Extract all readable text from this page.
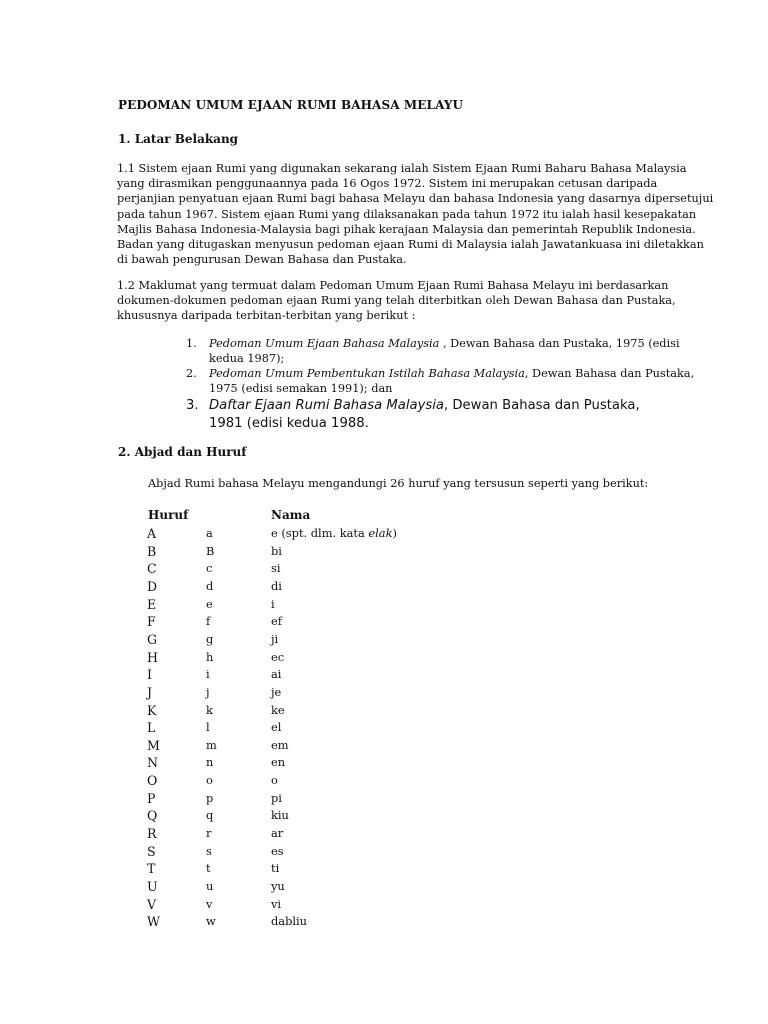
PEDOMAN UMUM EJAAN RUMI BAHASA MELAYU
1. Latar Belakang
1.1 Sistem ejaan Rumi yang digunakan sekarang ialah Sistem Ejaan Rumi Baharu Bahasa Malaysia
yang dirasmikan penggunaannya pada 16 Ogos 1972. Sistem ini merupakan cetusan daripada
perjanjian penyatuan ejaan Rumi bagi bahasa Melayu dan bahasa Indonesia yang dasarnya dipersetujui
pada tahun 1967. Sistem ejaan Rumi yang dilaksanakan pada tahun 1972 itu ialah hasil kesepakatan
Majlis Bahasa Indonesia-Malaysia bagi pihak kerajaan Malaysia dan pemerintah Republik Indonesia.
Badan yang ditugaskan menyusun pedoman ejaan Rumi di Malaysia ialah Jawatankuasa ini diletakkan
di bawah pengurusan Dewan Bahasa dan Pustaka.
1.2 Maklumat yang termuat dalam Pedoman Umum Ejaan Rumi Bahasa Melayu ini berdasarkan
dokumen-dokumen pedoman ejaan Rumi yang telah diterbitkan oleh Dewan Bahasa dan Pustaka,
khususnya daripada terbitan-terbitan yang berikut :
1. Pedoman Umum Ejaan Bahasa Malaysia , Dewan Bahasa dan Pustaka, 1975 (edisi
kedua 1987);
2. Pedoman Umum Pembentukan Istilah Bahasa Malaysia, Dewan Bahasa dan Pustaka,
1975 (edisi semakan 1991); dan
3. Daftar Ejaan Rumi Bahasa Malaysia, Dewan Bahasa dan Pustaka,
1981 (edisi kedua 1988.
2. Abjad dan Huruf
Abjad Rumi bahasa Melayu mengandungi 26 huruf yang tersusun seperti yang berikut:
Huruf	Nama
A	a	e (spt. dlm. kata elak)
B	B	bi
C	c	si
D	d	di
E	e	i
F	f	ef
G	g	ji
H	h	ec
I	i	ai
J	j	je
K	k	ke
L	l	el
M	m	em
N	n	en
O	o	o
P	p	pi
Q	q	kiu
R	r	ar
S	s	es
T	t	ti
U	u	yu
V	v	vi
W	w	dabliu
